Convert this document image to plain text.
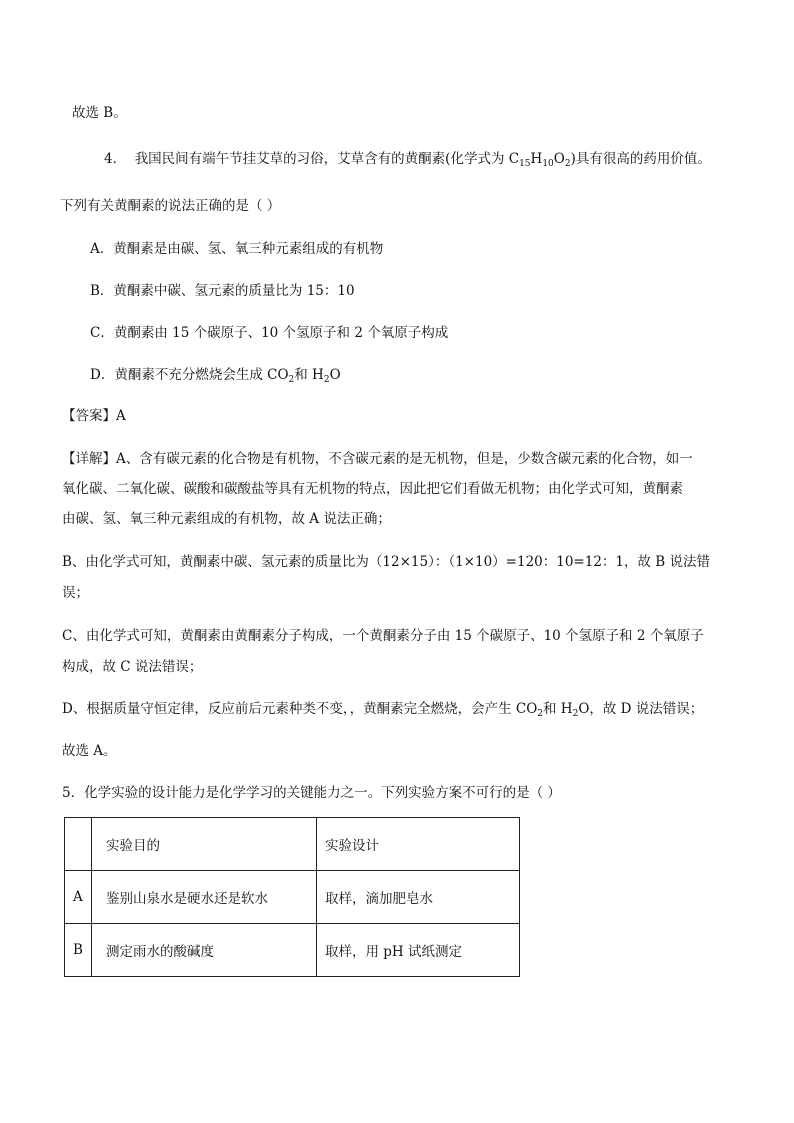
故选 B。
4． 我国民间有端午节挂艾草的习俗，艾草含有的黄酮素(化学式为 $C_{15}H_{10}O_2$)具有很高的药用价值。
下列有关黄酮素的说法正确的是（ ）
A．黄酮素是由碳、氢、氧三种元素组成的有机物
B．黄酮素中碳、氢元素的质量比为 15：10
C．黄酮素由 15 个碳原子、10 个氢原子和 2 个氧原子构成
D．黄酮素不充分燃烧会生成 $CO_2$和 $H_2O$
【答案】A
【详解】A、含有碳元素的化合物是有机物，不含碳元素的是无机物，但是，少数含碳元素的化合物，如一
氧化碳、二氧化碳、碳酸和碳酸盐等具有无机物的特点，因此把它们看做无机物；由化学式可知，黄酮素
由碳、氢、氧三种元素组成的有机物，故 A 说法正确；
B、由化学式可知，黄酮素中碳、氢元素的质量比为（12×15）：（1×10）=120：10=12：1，故 B 说法错
误；
C、由化学式可知，黄酮素由黄酮素分子构成，一个黄酮素分子由 15 个碳原子、10 个氢原子和 2 个氧原子
构成，故 C 说法错误；
D、根据质量守恒定律，反应前后元素种类不变，，黄酮素完全燃烧，会产生 $CO_2$和 $H_2O$，故 D 说法错误；
故选 A。
5．化学实验的设计能力是化学学习的关键能力之一。下列实验方案不可行的是（ ）
	实验目的	实验设计
A	鉴别山泉水是硬水还是软水	取样，滴加肥皂水
B	测定雨水的酸碱度	取样，用 pH 试纸测定
